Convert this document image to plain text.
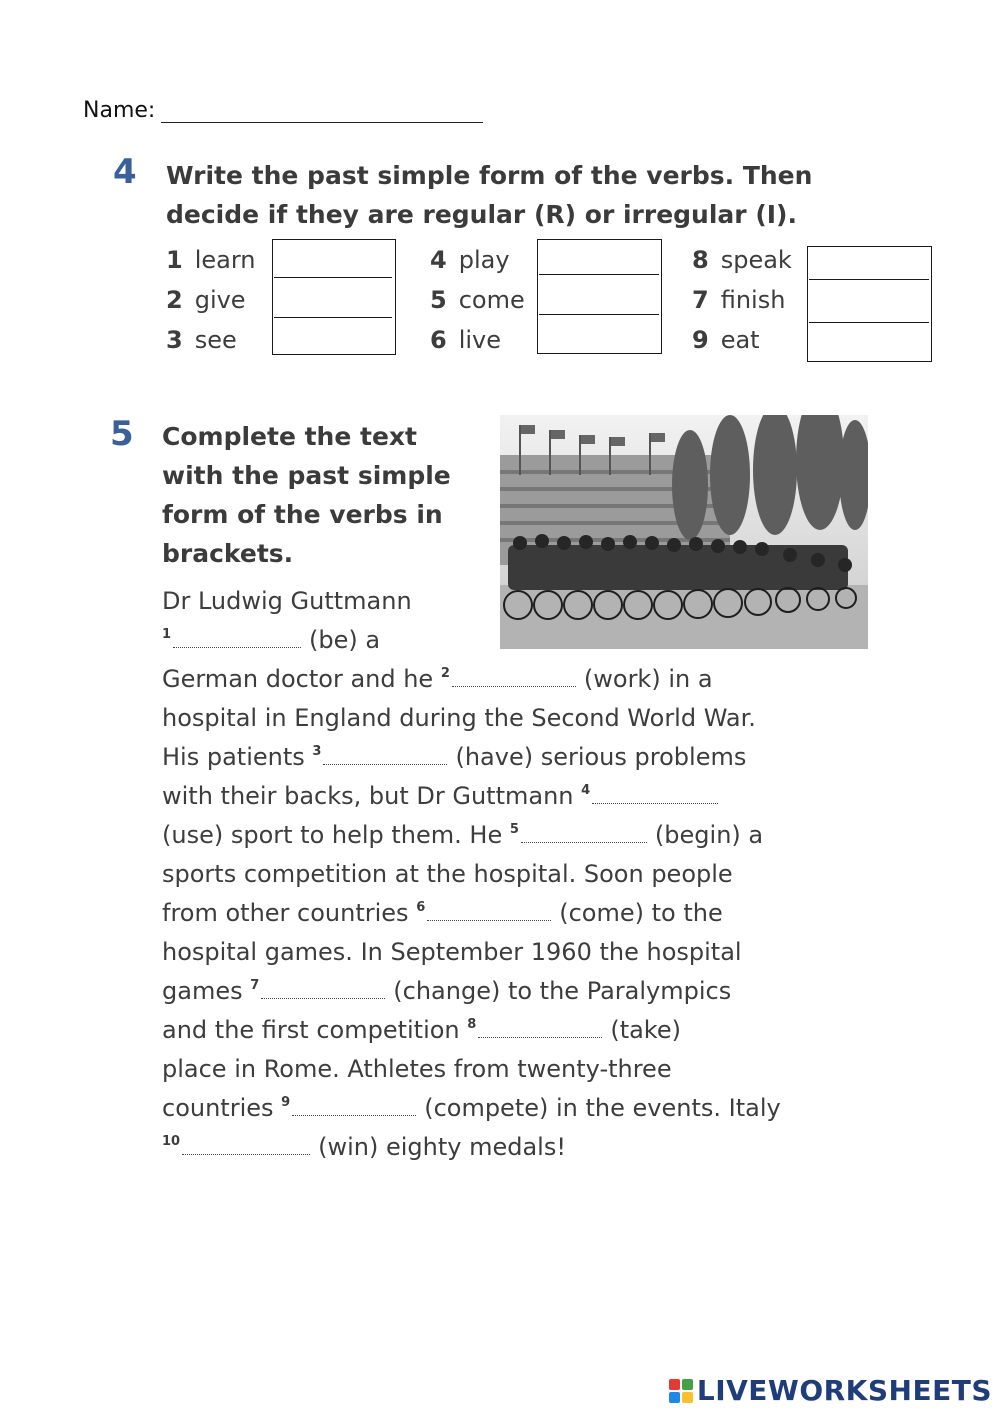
Name:
4 Write the past simple form of the verbs. Then
decide if they are regular (R) or irregular (I).
1 learn
2 give
3 see
4 play
5 come
6 live
8 speak
7 finish
9 eat
5 Complete the text
with the past simple
form of the verbs in
brackets.
Dr Ludwig Guttmann
$^1$	(be) a
German doctor and he $^2$	(work) in a
hospital in England during the Second World War.
His patients $^3$	(have) serious problems
with their backs, but Dr Guttmann $^4$
(use) sport to help them. He $^5$	(begin) a
sports competition at the hospital. Soon people
from other countries $^6$	(come) to the
hospital games. In September 1960 the hospital
games $^7$	(change) to the Paralympics
and the first competition $^8$	(take)
place in Rome. Athletes from twenty-three
countries $^9$	(compete) in the events. Italy
$^{10}$	(win) eighty medals!
LIVEWORKSHEETS
